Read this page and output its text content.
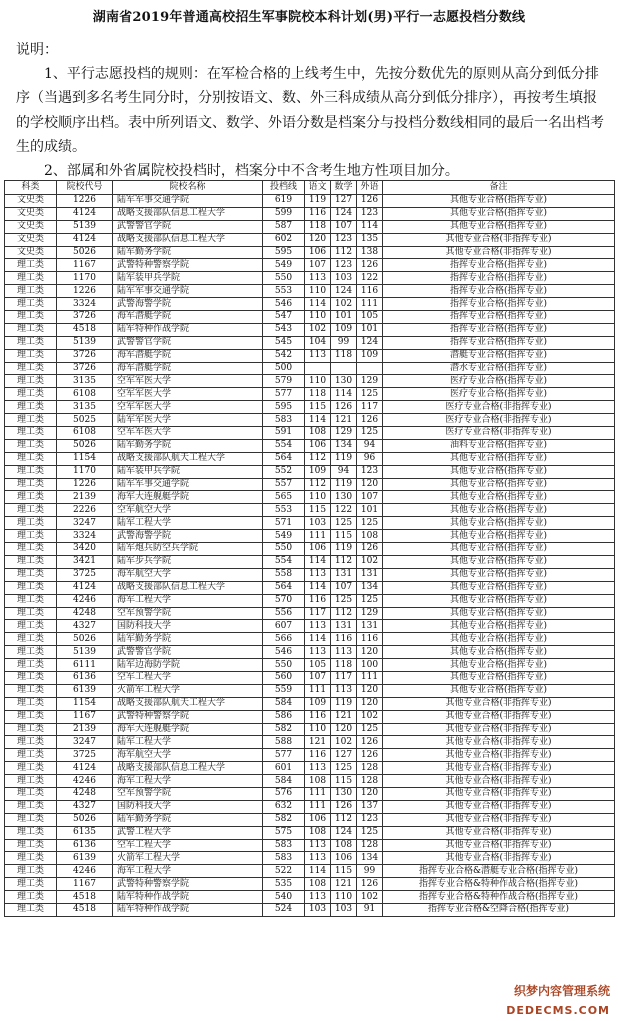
湖南省2019年普通高校招生军事院校本科计划(男)平行一志愿投档分数线

说明：

1、平行志愿投档的规则：在军检合格的上线考生中，先按分数优先的原则从高分到低分排序（当遇到多名考生同分时，分别按语文、数、外三科成绩从高分到低分排序），再按考生填报的学校顺序出档。表中所列语文、数学、外语分数是档案分与投档分数线相同的最后一名出档考生的成绩。

2、部属和外省属院校投档时，档案分中不含考生地方性项目加分。

科类	院校代号	院校名称	投档线	语文	数学	外语	备注
文史类	1226	陆军军事交通学院	619	119	127	126	其他专业合格(指挥专业)
文史类	4124	战略支援部队信息工程大学	599	116	124	123	其他专业合格(指挥专业)
文史类	5139	武警警官学院	587	118	107	114	其他专业合格(指挥专业)
文史类	4124	战略支援部队信息工程大学	602	120	123	135	其他专业合格(非指挥专业)
文史类	5026	陆军勤务学院	595	106	112	138	其他专业合格(非指挥专业)
理工类	1167	武警特种警察学院	549	107	123	126	指挥专业合格(指挥专业)
理工类	1170	陆军装甲兵学院	550	113	103	122	指挥专业合格(指挥专业)
理工类	1226	陆军军事交通学院	553	110	124	116	指挥专业合格(指挥专业)
理工类	3324	武警海警学院	546	114	102	111	指挥专业合格(指挥专业)
理工类	3726	海军潜艇学院	547	110	101	105	指挥专业合格(指挥专业)
理工类	4518	陆军特种作战学院	543	102	109	101	指挥专业合格(指挥专业)
理工类	5139	武警警官学院	545	104	99	124	指挥专业合格(指挥专业)
理工类	3726	海军潜艇学院	542	113	118	109	潜艇专业合格(指挥专业)
理工类	3726	海军潜艇学院	500				潜水专业合格(指挥专业)
理工类	3135	空军军医大学	579	110	130	129	医疗专业合格(指挥专业)
理工类	6108	空军军医大学	577	118	114	125	医疗专业合格(指挥专业)
理工类	3135	空军军医大学	595	115	126	117	医疗专业合格(非指挥专业)
理工类	5025	陆军军医大学	583	114	121	126	医疗专业合格(非指挥专业)
理工类	6108	空军军医大学	591	108	129	125	医疗专业合格(非指挥专业)
理工类	5026	陆军勤务学院	554	106	134	94	油料专业合格(指挥专业)
理工类	1154	战略支援部队航天工程大学	564	112	119	96	其他专业合格(指挥专业)
理工类	1170	陆军装甲兵学院	552	109	94	123	其他专业合格(指挥专业)
理工类	1226	陆军军事交通学院	557	112	119	120	其他专业合格(指挥专业)
理工类	2139	海军大连舰艇学院	565	110	130	107	其他专业合格(指挥专业)
理工类	2226	空军航空大学	553	115	122	101	其他专业合格(指挥专业)
理工类	3247	陆军工程大学	571	103	125	125	其他专业合格(指挥专业)
理工类	3324	武警海警学院	549	111	115	108	其他专业合格(指挥专业)
理工类	3420	陆军炮兵防空兵学院	550	106	119	126	其他专业合格(指挥专业)
理工类	3421	陆军步兵学院	554	114	112	102	其他专业合格(指挥专业)
理工类	3725	海军航空大学	558	113	131	131	其他专业合格(指挥专业)
理工类	4124	战略支援部队信息工程大学	564	114	107	134	其他专业合格(指挥专业)
理工类	4246	海军工程大学	570	116	125	125	其他专业合格(指挥专业)
理工类	4248	空军预警学院	556	117	112	129	其他专业合格(指挥专业)
理工类	4327	国防科技大学	607	113	131	131	其他专业合格(指挥专业)
理工类	5026	陆军勤务学院	566	114	116	116	其他专业合格(指挥专业)
理工类	5139	武警警官学院	546	113	113	120	其他专业合格(指挥专业)
理工类	6111	陆军边海防学院	550	105	118	100	其他专业合格(指挥专业)
理工类	6136	空军工程大学	560	107	117	111	其他专业合格(指挥专业)
理工类	6139	火箭军工程大学	559	111	113	120	其他专业合格(指挥专业)
理工类	1154	战略支援部队航天工程大学	584	109	119	120	其他专业合格(非指挥专业)
理工类	1167	武警特种警察学院	586	116	121	102	其他专业合格(非指挥专业)
理工类	2139	海军大连舰艇学院	582	110	120	125	其他专业合格(非指挥专业)
理工类	3247	陆军工程大学	588	121	102	126	其他专业合格(非指挥专业)
理工类	3725	海军航空大学	577	116	127	126	其他专业合格(非指挥专业)
理工类	4124	战略支援部队信息工程大学	601	113	125	128	其他专业合格(非指挥专业)
理工类	4246	海军工程大学	584	108	115	128	其他专业合格(非指挥专业)
理工类	4248	空军预警学院	576	111	130	120	其他专业合格(非指挥专业)
理工类	4327	国防科技大学	632	111	126	137	其他专业合格(非指挥专业)
理工类	5026	陆军勤务学院	582	106	112	123	其他专业合格(非指挥专业)
理工类	6135	武警工程大学	575	108	124	125	其他专业合格(非指挥专业)
理工类	6136	空军工程大学	583	113	108	128	其他专业合格(非指挥专业)
理工类	6139	火箭军工程大学	583	113	106	134	其他专业合格(非指挥专业)
理工类	4246	海军工程大学	522	114	115	99	指挥专业合格&潜艇专业合格(指挥专业)
理工类	1167	武警特种警察学院	535	108	121	126	指挥专业合格&特种作战合格(指挥专业)
理工类	4518	陆军特种作战学院	540	113	110	102	指挥专业合格&特种作战合格(指挥专业)
理工类	4518	陆军特种作战学院	524	103	103	91	指挥专业合格&空降合格(指挥专业)
织梦内容管理系统
DEDECMS.COM
